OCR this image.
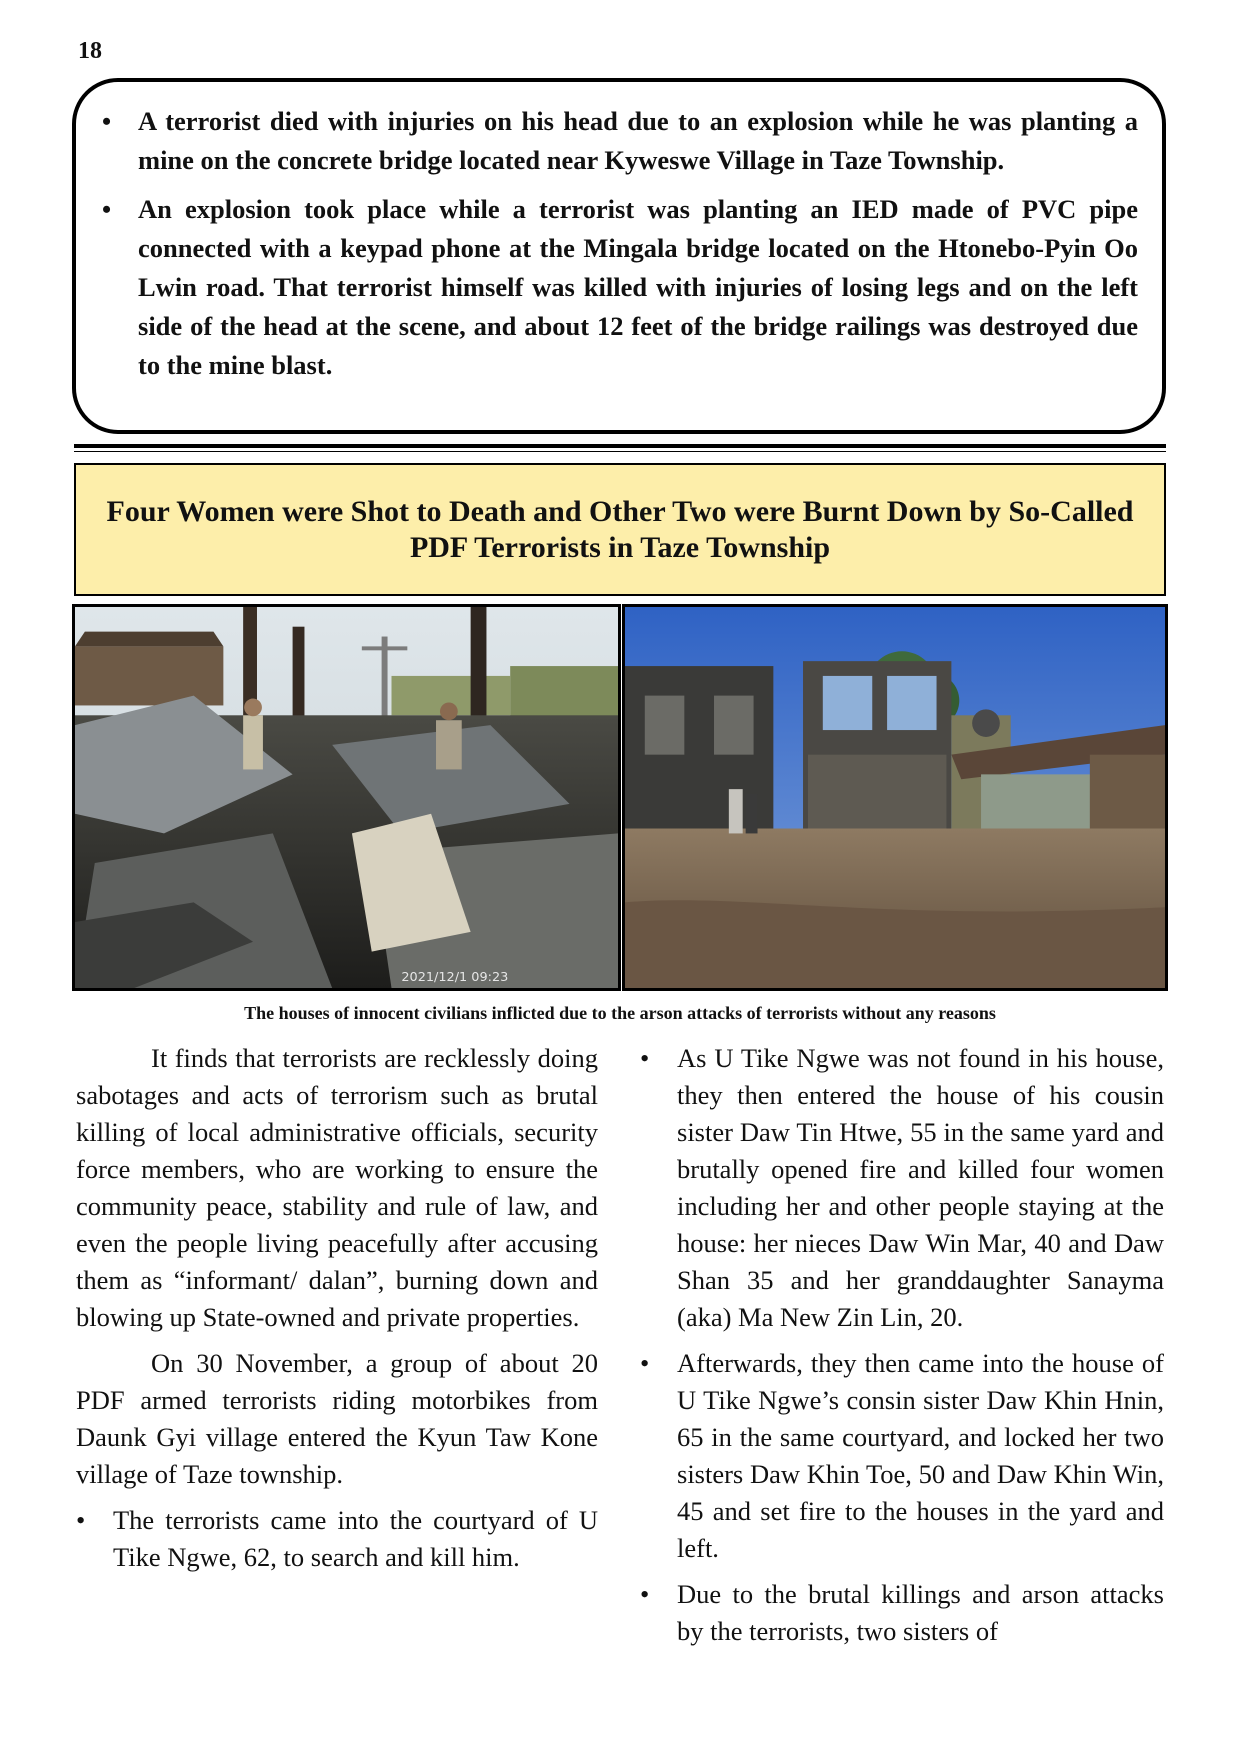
18
• A terrorist died with injuries on his head due to an explosion while he was planting a mine on the concrete bridge located near Kyweswe Village in Taze Township.
• An explosion took place while a terrorist was planting an IED made of PVC pipe connected with a keypad phone at the Mingala bridge located on the Htonebo-Pyin Oo Lwin road. That terrorist himself was killed with injuries of losing legs and on the left side of the head at the scene, and about 12 feet of the bridge railings was destroyed due to the mine blast.
Four Women were Shot to Death and Other Two were Burnt Down by So-Called PDF Terrorists in Taze Township
2021/12/1 09:23
The houses of innocent civilians inflicted due to the arson attacks of terrorists without any reasons

It finds that terrorists are recklessly doing sabotages and acts of terrorism such as brutal killing of local administrative officials, security force members, who are working to ensure the community peace, stability and rule of law, and even the people living peacefully after accusing them as “informant/ dalan”, burning down and blowing up State-owned and private properties.

On 30 November, a group of about 20 PDF armed terrorists riding motorbikes from Daunk Gyi village entered the Kyun Taw Kone village of Taze township.

• The terrorists came into the courtyard of U Tike Ngwe, 62, to search and kill him.
• As U Tike Ngwe was not found in his house, they then entered the house of his cousin sister Daw Tin Htwe, 55 in the same yard and brutally opened fire and killed four women including her and other people staying at the house: her nieces Daw Win Mar, 40 and Daw Shan 35 and her granddaughter Sanayma (aka) Ma New Zin Lin, 20.
• Afterwards, they then came into the house of U Tike Ngwe’s consin sister Daw Khin Hnin, 65 in the same courtyard, and locked her two sisters Daw Khin Toe, 50 and Daw Khin Win, 45 and set fire to the houses in the yard and left.
• Due to the brutal killings and arson attacks by the terrorists, two sisters of
